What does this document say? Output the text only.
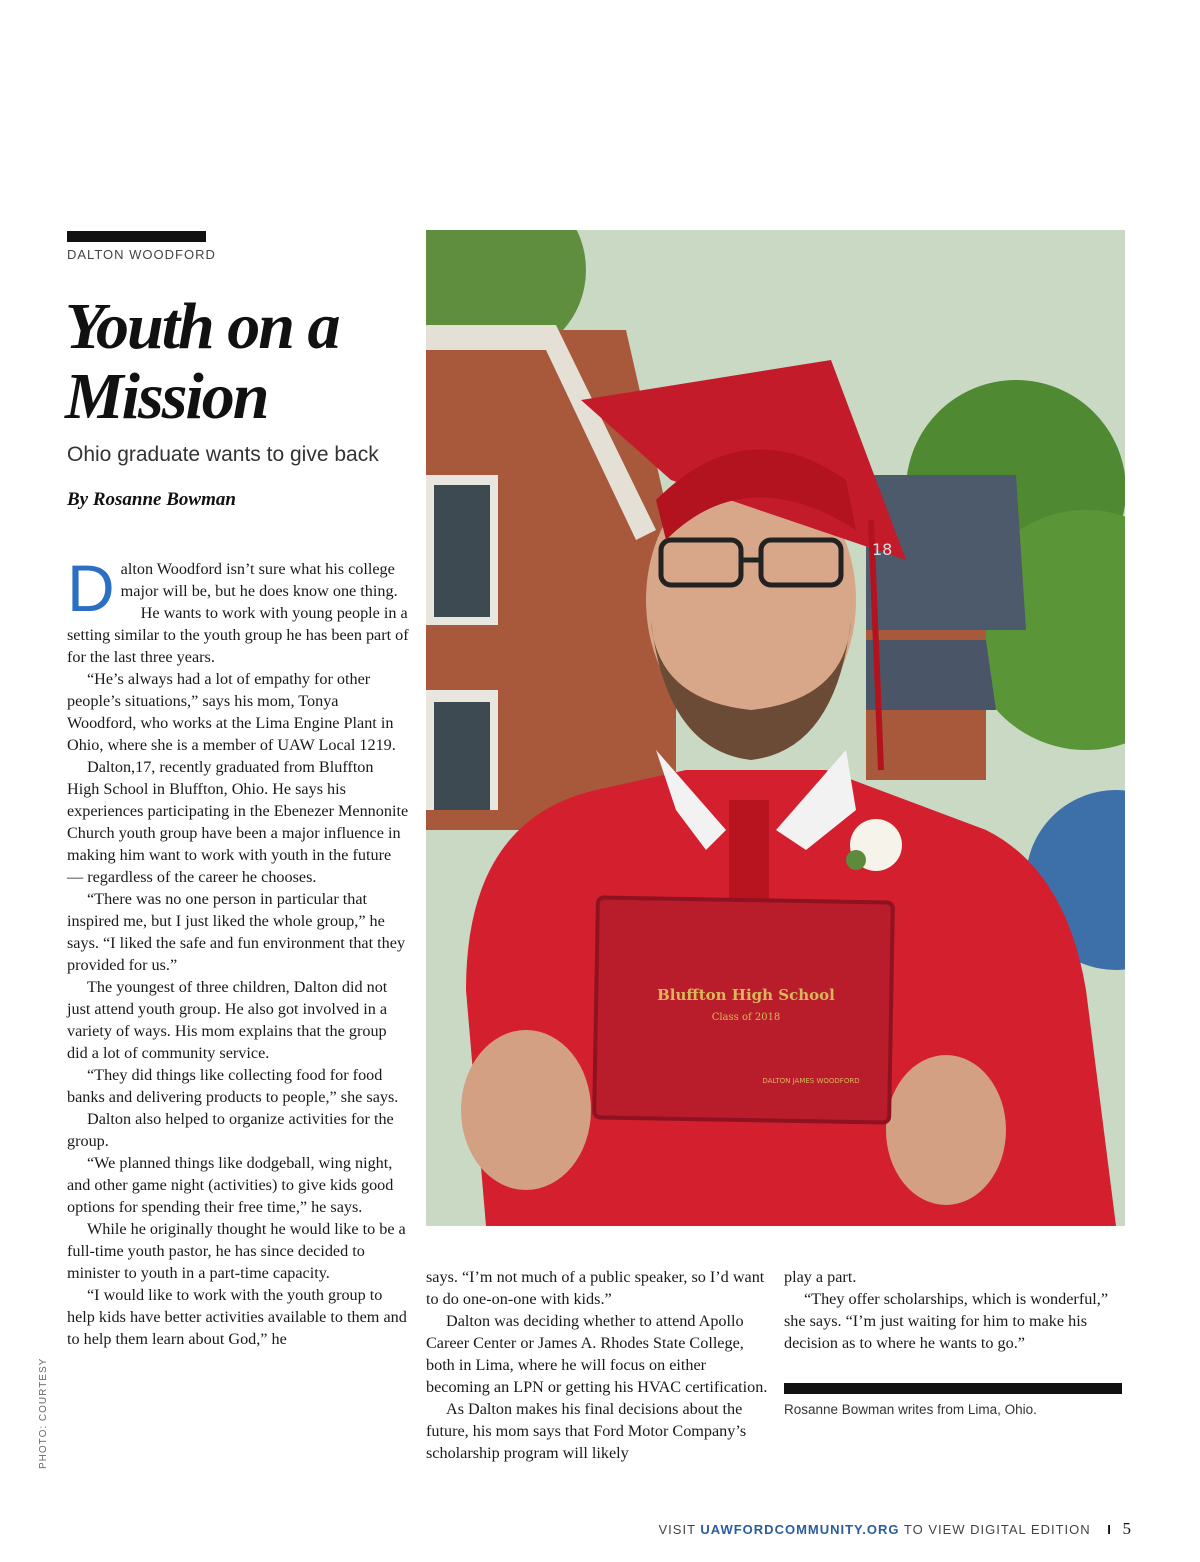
DALTON WOODFORD
Youth on a
Mission
Ohio graduate wants to give back
By Rosanne Bowman

Dalton Woodford isn’t sure what his college major will be, but he does know one thing.

He wants to work with young people in a setting similar to the youth group he has been part of for the last three years.

“He’s always had a lot of empathy for other people’s situations,” says his mom, Tonya Woodford, who works at the Lima Engine Plant in Ohio, where she is a member of UAW Local 1219.

Dalton,17, recently graduated from Bluffton High School in Bluffton, Ohio. He says his experiences participating in the Ebenezer Mennonite Church youth group have been a major influence in making him want to work with youth in the future — regardless of the career he chooses.

“There was no one person in particular that inspired me, but I just liked the whole group,” he says. “I liked the safe and fun environment that they provided for us.”

The youngest of three children, Dalton did not just attend youth group. He also got involved in a variety of ways. His mom explains that the group did a lot of community service.

“They did things like collecting food for food banks and delivering products to people,” she says.

Dalton also helped to organize activities for the group.

“We planned things like dodgeball, wing night, and other game night (activities) to give kids good options for spending their free time,” he says.

While he originally thought he would like to be a full-time youth pastor, he has since decided to minister to youth in a part-time capacity.

“I would like to work with the youth group to help kids have better activities available to them and to help them learn about God,” he

18
Bluffton High School
Class of 2018
DALTON JAMES WOODFORD

says. “I’m not much of a public speaker, so I’d want to do one-on-one with kids.”

Dalton was deciding whether to attend Apollo Career Center or James A. Rhodes State College, both in Lima, where he will focus on either becoming an LPN or getting his HVAC certification.

As Dalton makes his final decisions about the future, his mom says that Ford Motor Company’s scholarship program will likely

play a part.

“They offer scholarships, which is wonderful,” she says. “I’m just waiting for him to make his decision as to where he wants to go.”

Rosanne Bowman writes from Lima, Ohio.
PHOTO: COURTESY
VISIT UAWFORDCOMMUNITY.ORG TO VIEW DIGITAL EDITION I 5
